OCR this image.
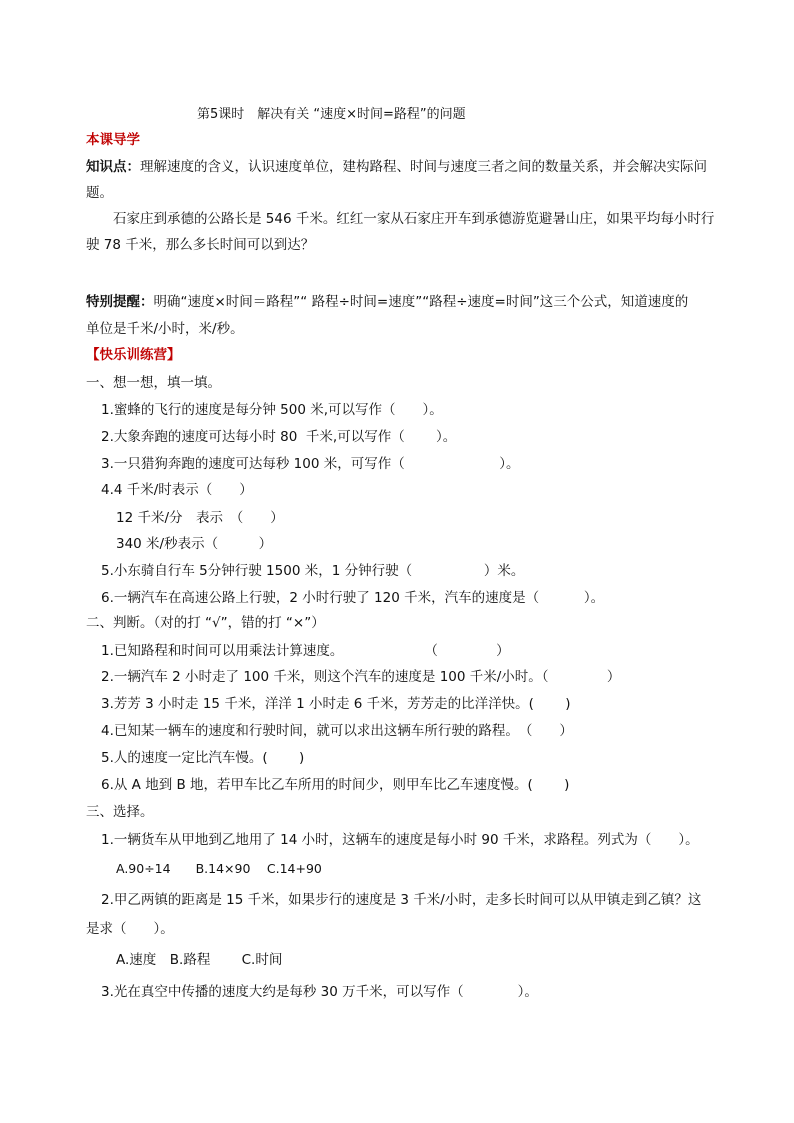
第5课时　解决有关 “速度×时间=路程”的问题
本课导学
知识点：理解速度的含义，认识速度单位，建构路程、时间与速度三者之间的数量关系，并会解决实际问
题。
石家庄到承德的公路长是 546 千米。红红一家从石家庄开车到承德游览避暑山庄，如果平均每小时行
驶 78 千米，那么多长时间可以到达？
特别提醒：明确“速度×时间＝路程”“ 路程÷时间=速度”“路程÷速度=时间”这三个公式，知道速度的
单位是千米/小时，米/秒。
【快乐训练营】
一、想一想，填一填。
1.蜜蜂的飞行的速度是每分钟 500 米,可以写作（　　）。
2.大象奔跑的速度可达每小时 80  千米,可以写作（　　 ）。
3.一只猎狗奔跑的速度可达每秒 100 米，可写作（　　　　　　　）。
4.4 千米/时表示（　　）
12 千米/分　表示　（　　）
340 米/秒表示（　　　）
5.小东骑自行车 5分钟行驶 1500 米，1 分钟行驶（　　　　　 ）米。
6.一辆汽车在高速公路上行驶，2 小时行驶了 120 千米，汽车的速度是（　　　 ）。
二、判断。（对的打 “√”，错的打 “×”）
1.已知路程和时间可以用乘法计算速度。　　　　　　　（　　　　 ）
2.一辆汽车 2 小时走了 100 千米，则这个汽车的速度是 100 千米/小时。（　　　　 ）
3.芳芳 3 小时走 15 千米，洋洋 1 小时走 6 千米，芳芳走的比洋洋快。(　　 )
4.已知某一辆车的速度和行驶时间，就可以求出这辆车所行驶的路程。　（　　）
5.人的速度一定比汽车慢。(　　 )
6.从 A 地到 B 地，若甲车比乙车所用的时间少，则甲车比乙车速度慢。(　　 )
三、选择。
1.一辆货车从甲地到乙地用了 14 小时，这辆车的速度是每小时 90 千米，求路程。列式为（　　）。
A.90÷14　　B.14×90　 C.14+90
2.甲乙两镇的距离是 15 千米，如果步行的速度是 3 千米/小时，走多长时间可以从甲镇走到乙镇？这
是求（　　）。
A.速度　B.路程　　 C.时间
3.光在真空中传播的速度大约是每秒 30 万千米，可以写作（　　　　）。
